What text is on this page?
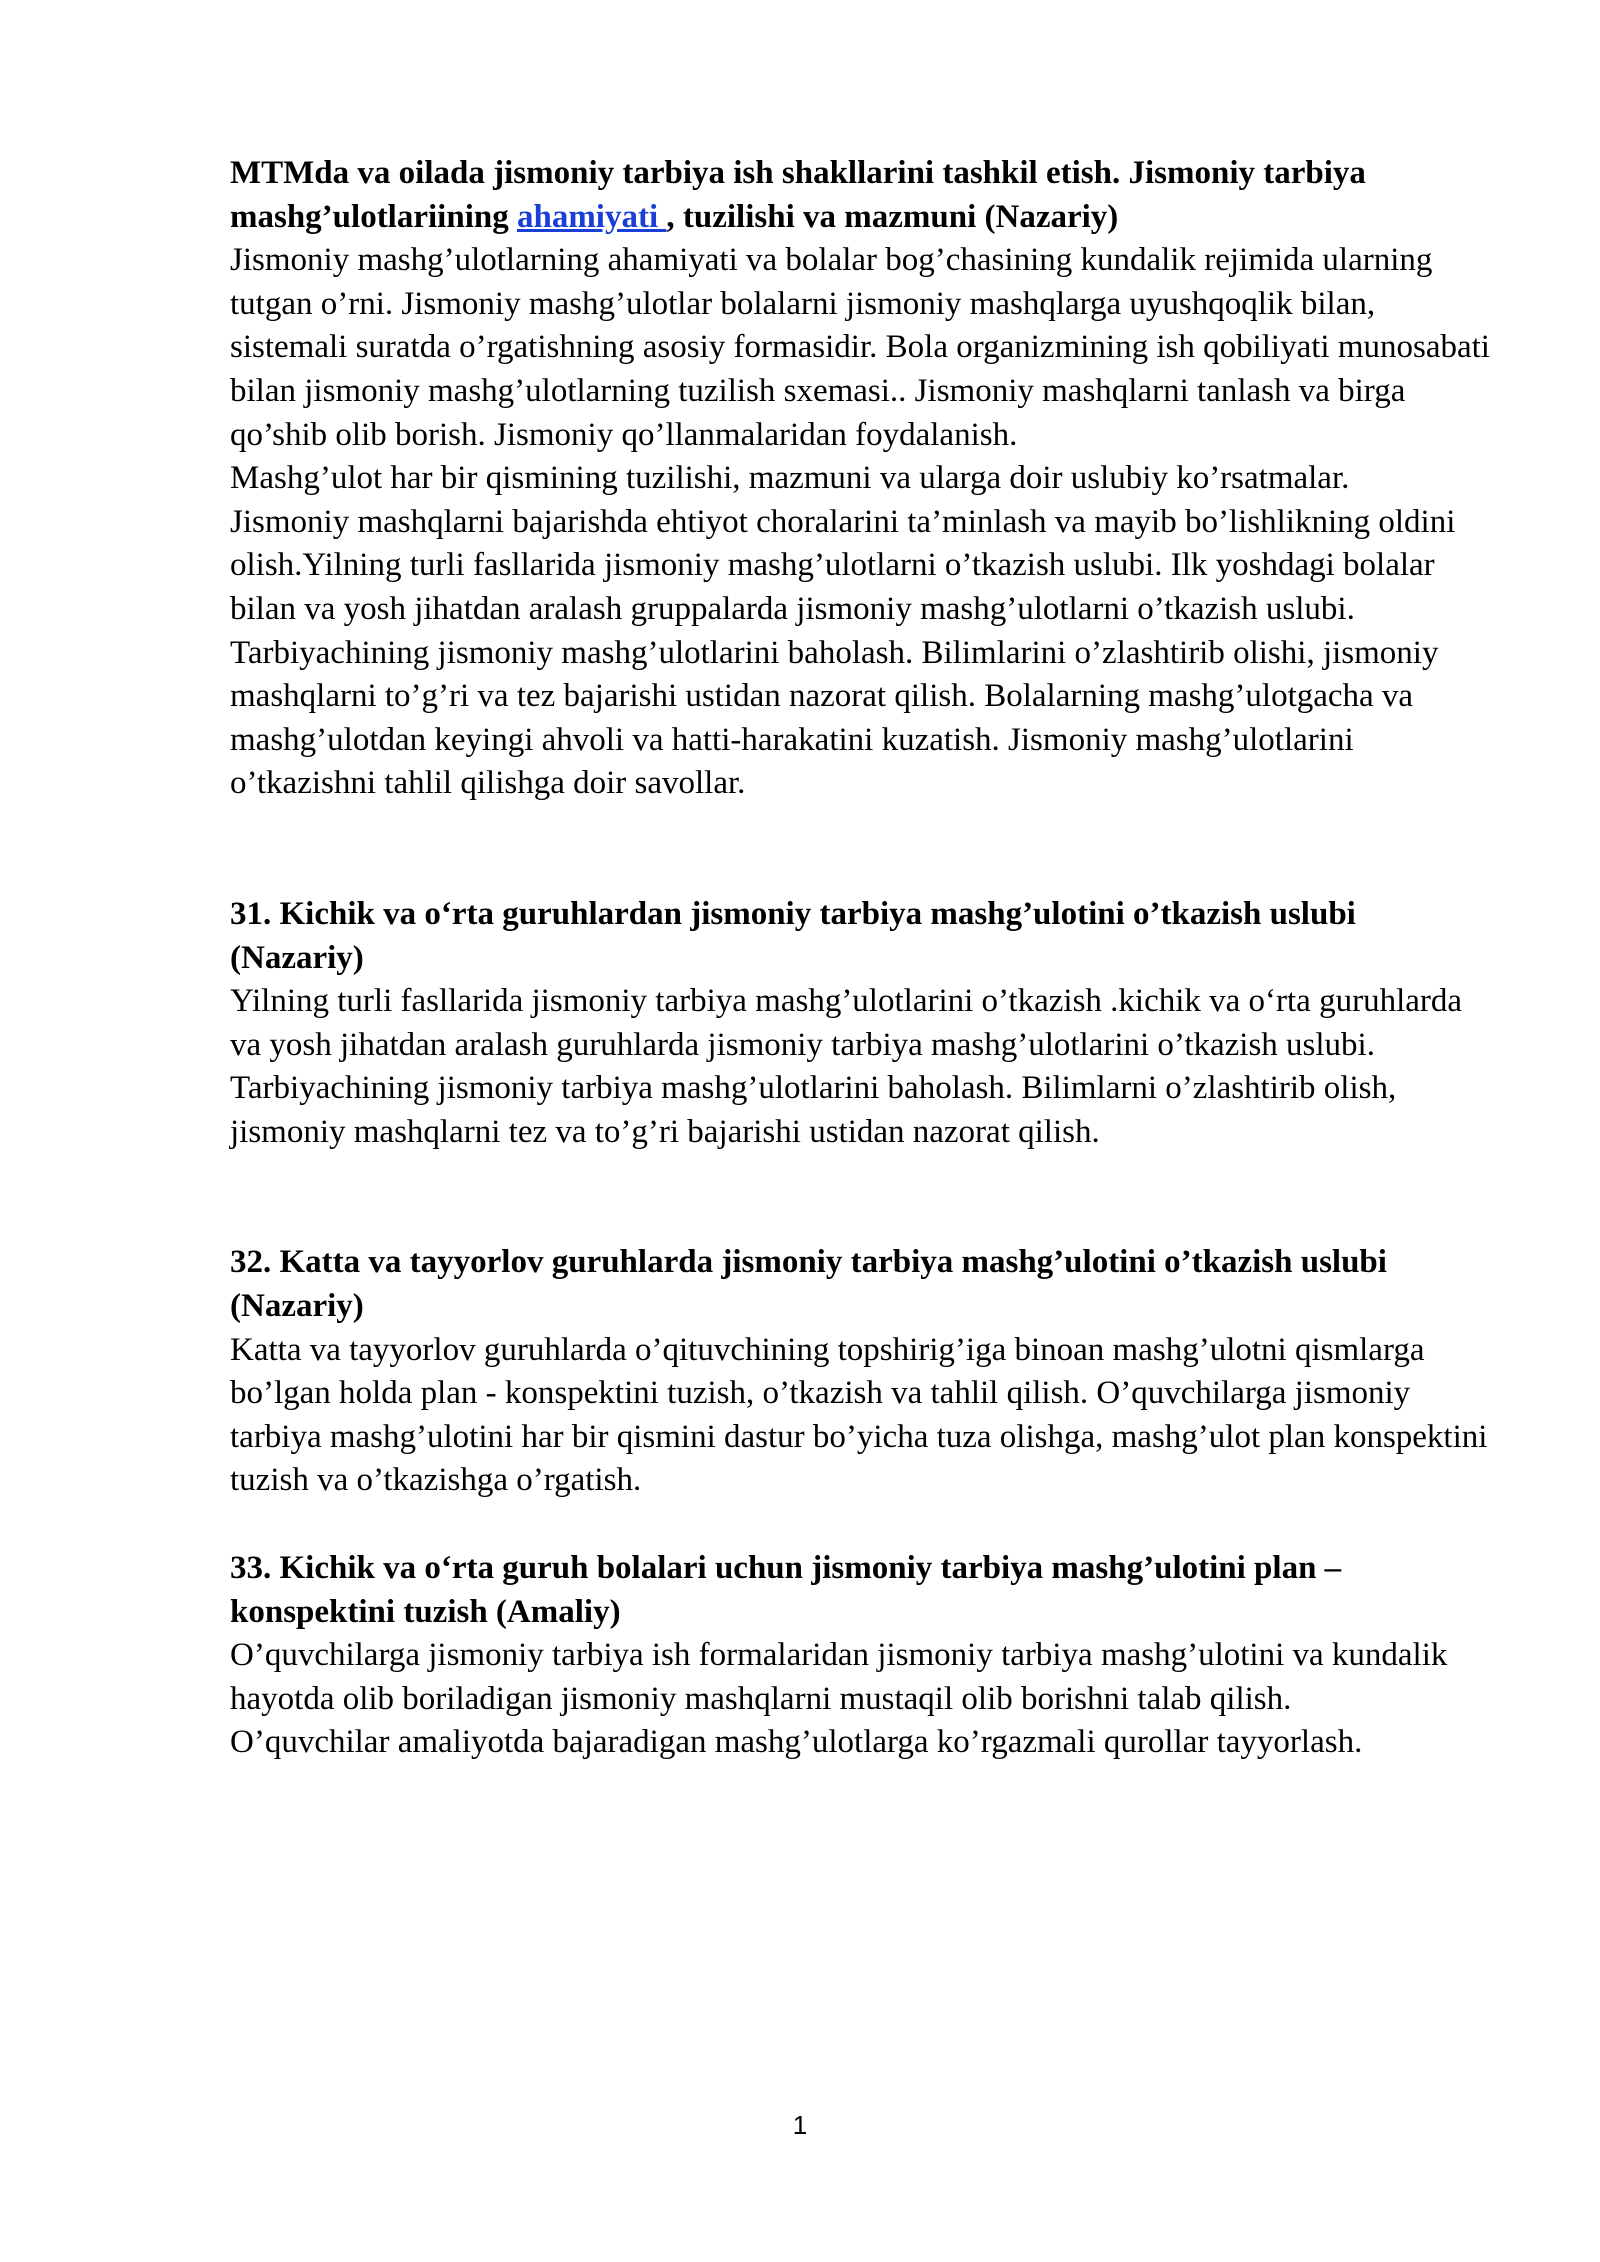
MTMda va oilada jismoniy tarbiya ish shakllarini tashkil etish. Jismoniy tarbiya mashg’ulotlariining ahamiyati , tuzilishi va mazmuni (Nazariy)

Jismoniy mashg’ulotlarning ahamiyati va bolalar bog’chasining kundalik rejimida ularning tutgan o’rni. Jismoniy mashg’ulotlar bolalarni jismoniy mashqlarga uyushqoqlik bilan, sistemali suratda o’rgatishning asosiy formasidir. Bola organizmining ish qobiliyati munosabati bilan jismoniy mashg’ulotlarning tuzilish sxemasi.. Jismoniy mashqlarni tanlash va birga qo’shib olib borish. Jismoniy qo’llanmalaridan foydalanish.

Mashg’ulot har bir qismining tuzilishi, mazmuni va ularga doir uslubiy ko’rsatmalar.

Jismoniy mashqlarni bajarishda ehtiyot choralarini ta’minlash va mayib bo’lishlikning oldini olish.Yilning turli fasllarida jismoniy mashg’ulotlarni o’tkazish uslubi. Ilk yoshdagi bolalar bilan va yosh jihatdan aralash gruppalarda jismoniy mashg’ulotlarni o’tkazish uslubi. Tarbiyachining jismoniy mashg’ulotlarini baholash. Bilimlarini o’zlashtirib olishi, jismoniy mashqlarni to’g’ri va tez bajarishi ustidan nazorat qilish. Bolalarning mashg’ulotgacha va mashg’ulotdan keyingi ahvoli va hatti-harakatini kuzatish. Jismoniy mashg’ulotlarini o’tkazishni tahlil qilishga doir savollar.

31. Kichik va o‘rta guruhlardan jismoniy tarbiya mashg’ulotini o’tkazish uslubi (Nazariy)

Yilning turli fasllarida jismoniy tarbiya mashg’ulotlarini o’tkazish .kichik va o‘rta guruhlarda va yosh jihatdan aralash guruhlarda jismoniy tarbiya mashg’ulotlarini o’tkazish uslubi. Tarbiyachining jismoniy tarbiya mashg’ulotlarini baholash. Bilimlarni o’zlashtirib olish, jismoniy mashqlarni tez va to’g’ri bajarishi ustidan nazorat qilish.

32. Katta va tayyorlov guruhlarda jismoniy tarbiya mashg’ulotini o’tkazish uslubi (Nazariy)

Katta va tayyorlov guruhlarda o’qituvchining topshirig’iga binoan mashg’ulotni qismlarga bo’lgan holda plan - konspektini tuzish, o’tkazish va tahlil qilish. O’quvchilarga jismoniy tarbiya mashg’ulotini har bir qismini dastur bo’yicha tuza olishga, mashg’ulot plan konspektini tuzish va o’tkazishga o’rgatish.

33. Kichik va o‘rta guruh bolalari uchun jismoniy tarbiya mashg’ulotini plan – konspektini tuzish (Amaliy)

O’quvchilarga jismoniy tarbiya ish formalaridan jismoniy tarbiya mashg’ulotini va kundalik hayotda olib boriladigan jismoniy mashqlarni mustaqil olib borishni talab qilish.

O’quvchilar amaliyotda bajaradigan mashg’ulotlarga ko’rgazmali qurollar tayyorlash.

1
